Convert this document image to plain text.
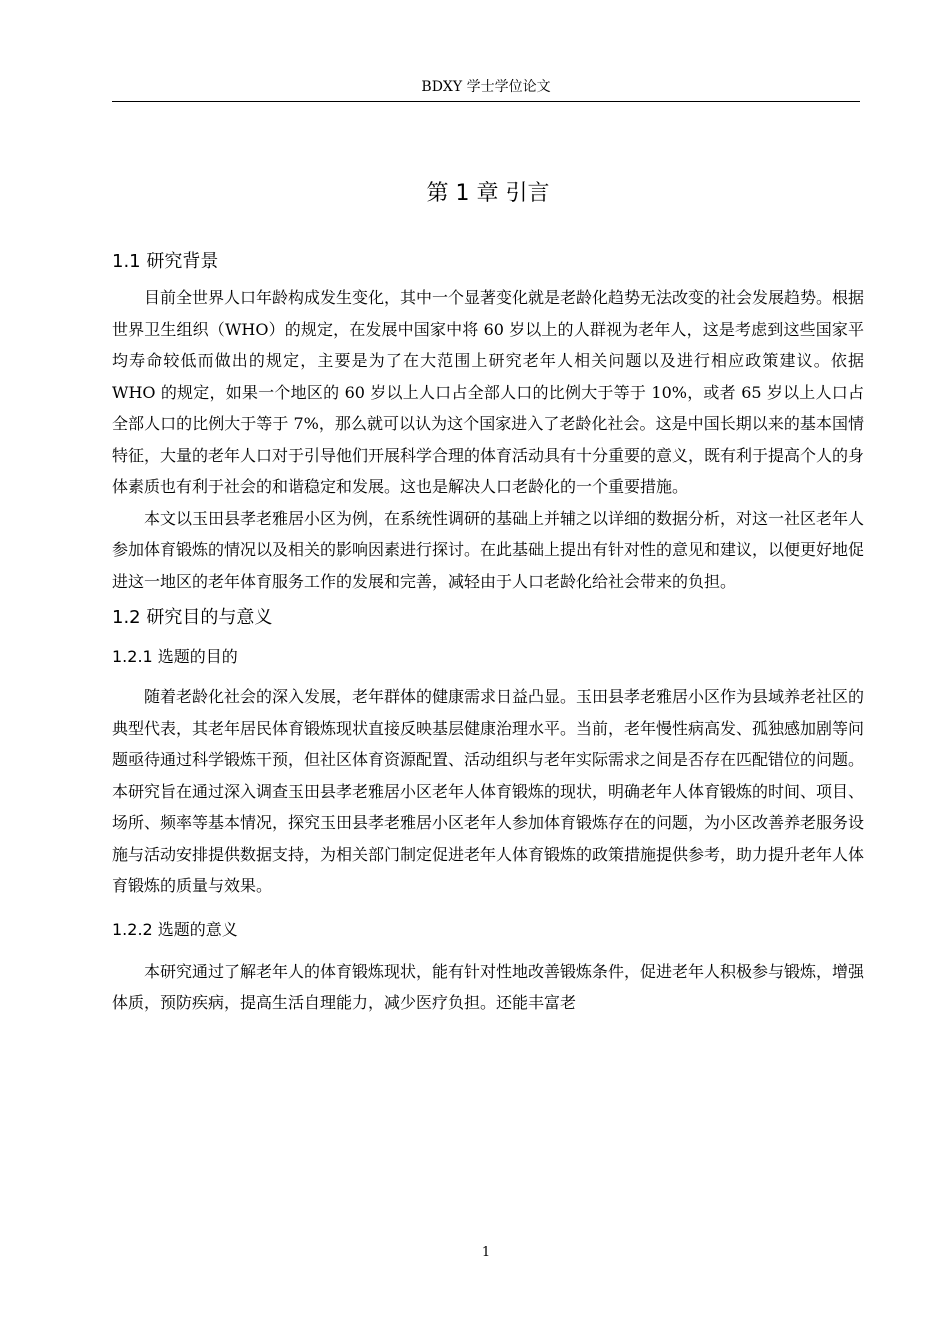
BDXY 学士学位论文
第 1 章 引言
1.1 研究背景

目前全世界人口年龄构成发生变化，其中一个显著变化就是老龄化趋势无法改变的社会发展趋势。根据世界卫生组织（WHO）的规定，在发展中国家中将 60 岁以上的人群视为老年人，这是考虑到这些国家平均寿命较低而做出的规定，主要是为了在大范围上研究老年人相关问题以及进行相应政策建议。依据 WHO 的规定，如果一个地区的 60 岁以上人口占全部人口的比例大于等于 10%，或者 65 岁以上人口占全部人口的比例大于等于 7%，那么就可以认为这个国家进入了老龄化社会。这是中国长期以来的基本国情特征，大量的老年人口对于引导他们开展科学合理的体育活动具有十分重要的意义，既有利于提高个人的身体素质也有利于社会的和谐稳定和发展。这也是解决人口老龄化的一个重要措施。

本文以玉田县孝老雅居小区为例，在系统性调研的基础上并辅之以详细的数据分析，对这一社区老年人参加体育锻炼的情况以及相关的影响因素进行探讨。在此基础上提出有针对性的意见和建议，以便更好地促进这一地区的老年体育服务工作的发展和完善，减轻由于人口老龄化给社会带来的负担。

1.2 研究目的与意义
1.2.1 选题的目的

随着老龄化社会的深入发展，老年群体的健康需求日益凸显。玉田县孝老雅居小区作为县域养老社区的典型代表，其老年居民体育锻炼现状直接反映基层健康治理水平。当前，老年慢性病高发、孤独感加剧等问题亟待通过科学锻炼干预，但社区体育资源配置、活动组织与老年实际需求之间是否存在匹配错位的问题。本研究旨在通过深入调查玉田县孝老雅居小区老年人体育锻炼的现状，明确老年人体育锻炼的时间、项目、场所、频率等基本情况，探究玉田县孝老雅居小区老年人参加体育锻炼存在的问题，为小区改善养老服务设施与活动安排提供数据支持，为相关部门制定促进老年人体育锻炼的政策措施提供参考，助力提升老年人体育锻炼的质量与效果。

1.2.2 选题的意义

本研究通过了解老年人的体育锻炼现状，能有针对性地改善锻炼条件，促进老年人积极参与锻炼，增强体质，预防疾病，提高生活自理能力，减少医疗负担。还能丰富老

1
